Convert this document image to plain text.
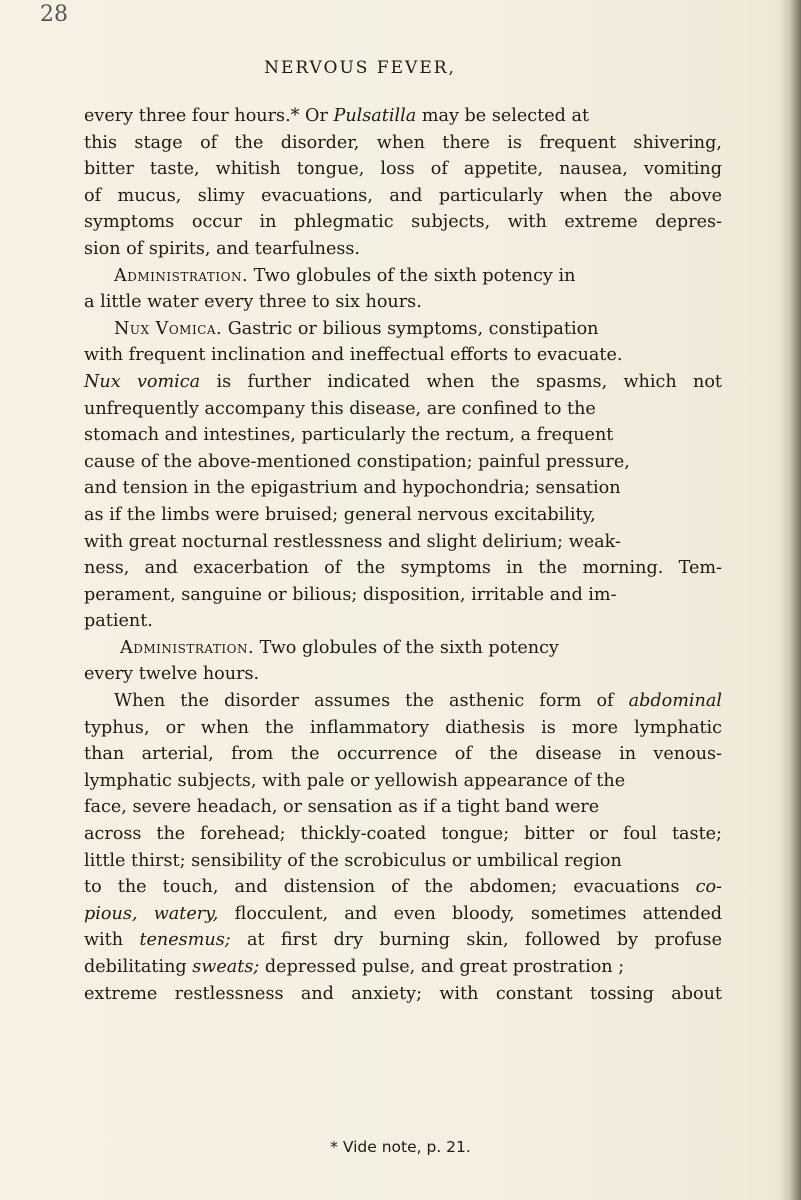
28
NERVOUS FEVER,
every three four hours.* Or Pulsatilla may be selected at
this stage of the disorder, when there is frequent shivering,
bitter taste, whitish tongue, loss of appetite, nausea, vomiting
of mucus, slimy evacuations, and particularly when the above
symptoms occur in phlegmatic subjects, with extreme depres-
sion of spirits, and tearfulness.
Administration. Two globules of the sixth potency in
a little water every three to six hours.
Nux Vomica. Gastric or bilious symptoms, constipation
with frequent inclination and ineffectual efforts to evacuate.
Nux vomica is further indicated when the spasms, which not
unfrequently accompany this disease, are confined to the
stomach and intestines, particularly the rectum, a frequent
cause of the above-mentioned constipation; painful pressure,
and tension in the epigastrium and hypochondria; sensation
as if the limbs were bruised; general nervous excitability,
with great nocturnal restlessness and slight delirium; weak-
ness, and exacerbation of the symptoms in the morning. Tem-
perament, sanguine or bilious; disposition, irritable and im-
patient.
Administration. Two globules of the sixth potency
every twelve hours.
When the disorder assumes the asthenic form of abdominal
typhus, or when the inflammatory diathesis is more lymphatic
than arterial, from the occurrence of the disease in venous-
lymphatic subjects, with pale or yellowish appearance of the
face, severe headach, or sensation as if a tight band were
across the forehead; thickly-coated tongue; bitter or foul taste;
little thirst; sensibility of the scrobiculus or umbilical region
to the touch, and distension of the abdomen; evacuations co-
pious, watery, flocculent, and even bloody, sometimes attended
with tenesmus; at first dry burning skin, followed by profuse
debilitating sweats; depressed pulse, and great prostration ;
extreme restlessness and anxiety; with constant tossing about
* Vide note, p. 21.
